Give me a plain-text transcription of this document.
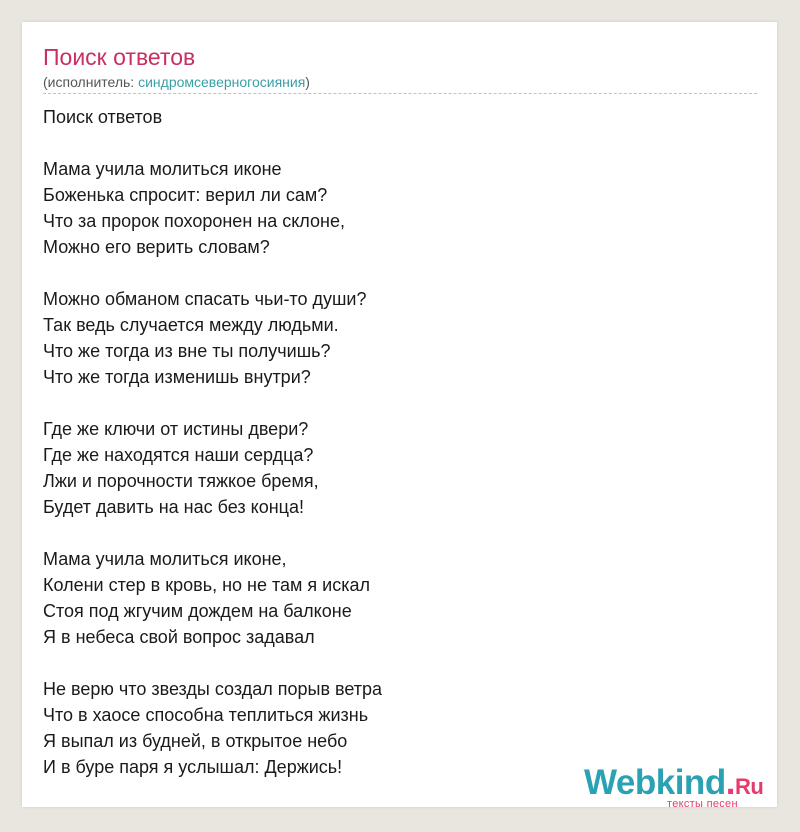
Поиск ответов
(исполнитель: синдромсеверногосияния)
Поиск ответов
Мама учила молиться иконе
Боженька спросит: верил ли сам?
Что за пророк похоронен на склоне,
Можно его верить словам?
Можно обманом спасать чьи-то души?
Так ведь случается между людьми.
Что же тогда из вне ты получишь?
Что же тогда изменишь внутри?
Где же ключи от истины двери?
Где же находятся наши сердца?
Лжи и порочности тяжкое бремя,
Будет давить на нас без конца!
Мама учила молиться иконе,
Колени стер в кровь, но не там я искал
Стоя под жгучим дождем на балконе
Я в небеса свой вопрос задавал
Не верю что звезды создал порыв ветра
Что в хаосе способна теплиться жизнь
Я выпал из будней, в открытое небо
И в буре паря я услышал: Держись!	Webkind.Ru
тексты песен
